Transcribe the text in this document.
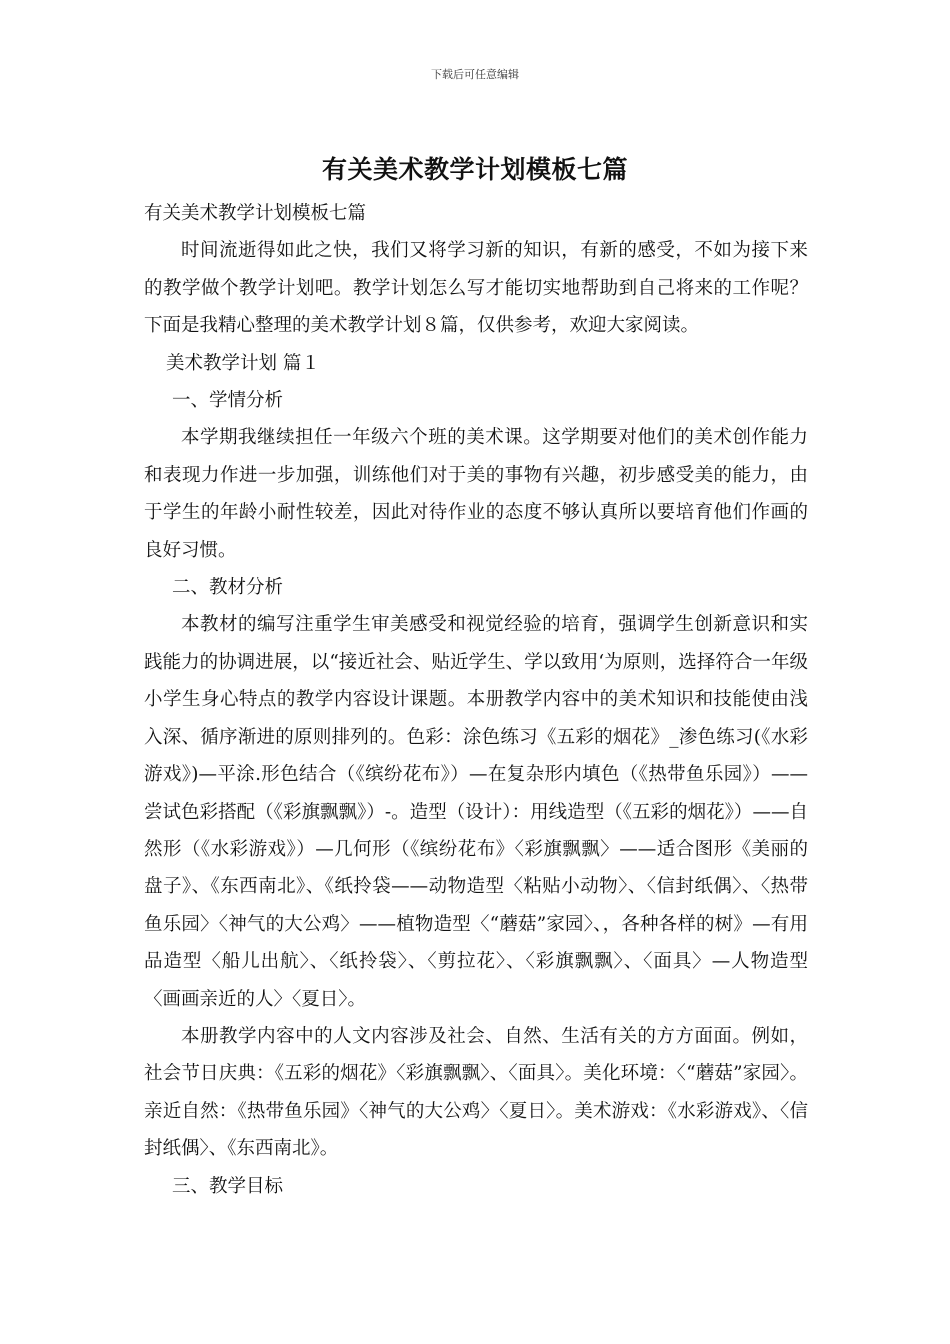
下载后可任意编辑
有关美术教学计划模板七篇

有关美术教学计划模板七篇

时间流逝得如此之快，我们又将学习新的知识，有新的感受，不如为接下来的教学做个教学计划吧。教学计划怎么写才能切实地帮助到自己将来的工作呢？下面是我精心整理的美术教学计划８篇，仅供参考，欢迎大家阅读。

美术教学计划 篇１

一、学情分析

本学期我继续担任一年级六个班的美术课。这学期要对他们的美术创作能力和表现力作进一步加强，训练他们对于美的事物有兴趣，初步感受美的能力，由于学生的年龄小耐性较差，因此对待作业的态度不够认真所以要培育他们作画的良好习惯。

二、教材分析

本教材的编写注重学生审美感受和视觉经验的培育，强调学生创新意识和实践能力的协调进展，以“接近社会、贴近学生、学以致用‘为原则，选择符合一年级小学生身心特点的教学内容设计课题。本册教学内容中的美术知识和技能使由浅入深、循序渐进的原则排列的。色彩：涂色练习《五彩的烟花》_渗色练习(《水彩游戏》)—平涂.形色结合（《缤纷花布》）—在复杂形内填色（《热带鱼乐园》）——尝试色彩搭配（《彩旗飘飘》）-。造型（设计）：用线造型（《五彩的烟花》）——自然形（《水彩游戏》）—几何形（《缤纷花布》〈彩旗飘飘〉——适合图形《美丽的盘子》、《东西南北》、《纸拎袋——动物造型〈粘贴小动物〉、〈信封纸偶〉、〈热带鱼乐园〉〈神气的大公鸡〉——植物造型〈“蘑菇”家园〉、，各种各样的树》—有用品造型〈船儿出航〉、〈纸拎袋〉、〈剪拉花〉、〈彩旗飘飘〉、〈面具〉—人物造型〈画画亲近的人〉〈夏日〉。

本册教学内容中的人文内容涉及社会、自然、生活有关的方方面面。例如，社会节日庆典：《五彩的烟花》〈彩旗飘飘〉、〈面具〉。美化环境：〈“蘑菇”家园〉。亲近自然：《热带鱼乐园》〈神气的大公鸡〉〈夏日〉。美术游戏：《水彩游戏》、〈信封纸偶〉、《东西南北》。

三、教学目标
